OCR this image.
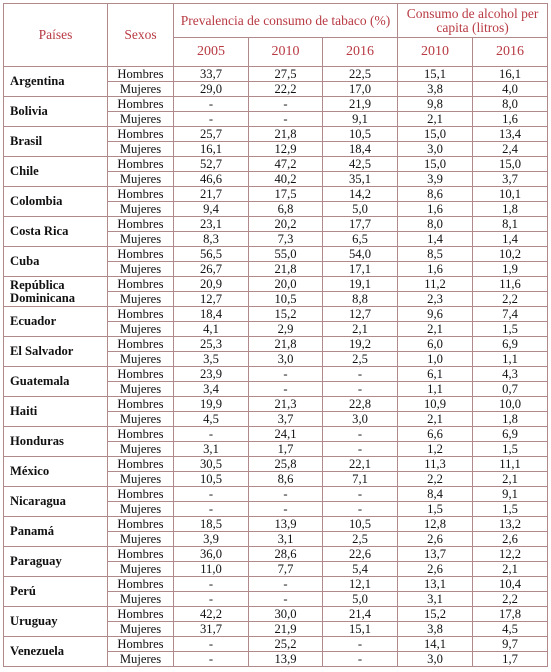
Países	Sexos	Prevalencia de consumo de tabaco (%)			Consumo de alcohol per capita (litros)	
		2005	2010	2016	2010	2016
Argentina	Hombres	33,7	27,5	22,5	15,1	16,1
	Mujeres	29,0	22,2	17,0	3,8	4,0
Bolivia	Hombres	-	-	21,9	9,8	8,0
	Mujeres	-	-	9,1	2,1	1,6
Brasil	Hombres	25,7	21,8	10,5	15,0	13,4
	Mujeres	16,1	12,9	18,4	3,0	2,4
Chile	Hombres	52,7	47,2	42,5	15,0	15,0
	Mujeres	46,6	40,2	35,1	3,9	3,7
Colombia	Hombres	21,7	17,5	14,2	8,6	10,1
	Mujeres	9,4	6,8	5,0	1,6	1,8
Costa Rica	Hombres	23,1	20,2	17,7	8,0	8,1
	Mujeres	8,3	7,3	6,5	1,4	1,4
Cuba	Hombres	56,5	55,0	54,0	8,5	10,2
	Mujeres	26,7	21,8	17,1	1,6	1,9
República Dominicana	Hombres	20,9	20,0	19,1	11,2	11,6
	Mujeres	12,7	10,5	8,8	2,3	2,2
Ecuador	Hombres	18,4	15,2	12,7	9,6	7,4
	Mujeres	4,1	2,9	2,1	2,1	1,5
El Salvador	Hombres	25,3	21,8	19,2	6,0	6,9
	Mujeres	3,5	3,0	2,5	1,0	1,1
Guatemala	Hombres	23,9	-	-	6,1	4,3
	Mujeres	3,4	-	-	1,1	0,7
Haiti	Hombres	19,9	21,3	22,8	10,9	10,0
	Mujeres	4,5	3,7	3,0	2,1	1,8
Honduras	Hombres	-	24,1	-	6,6	6,9
	Mujeres	3,1	1,7	-	1,2	1,5
México	Hombres	30,5	25,8	22,1	11,3	11,1
	Mujeres	10,5	8,6	7,1	2,2	2,1
Nicaragua	Hombres	-	-	-	8,4	9,1
	Mujeres	-	-	-	1,5	1,5
Panamá	Hombres	18,5	13,9	10,5	12,8	13,2
	Mujeres	3,9	3,1	2,5	2,6	2,6
Paraguay	Hombres	36,0	28,6	22,6	13,7	12,2
	Mujeres	11,0	7,7	5,4	2,6	2,1
Perú	Hombres	-	-	12,1	13,1	10,4
	Mujeres	-	-	5,0	3,1	2,2
Uruguay	Hombres	42,2	30,0	21,4	15,2	17,8
	Mujeres	31,7	21,9	15,1	3,8	4,5
Venezuela	Hombres	-	25,2	-	14,1	9,7
	Mujeres	-	13,9	-	3,0	1,7
